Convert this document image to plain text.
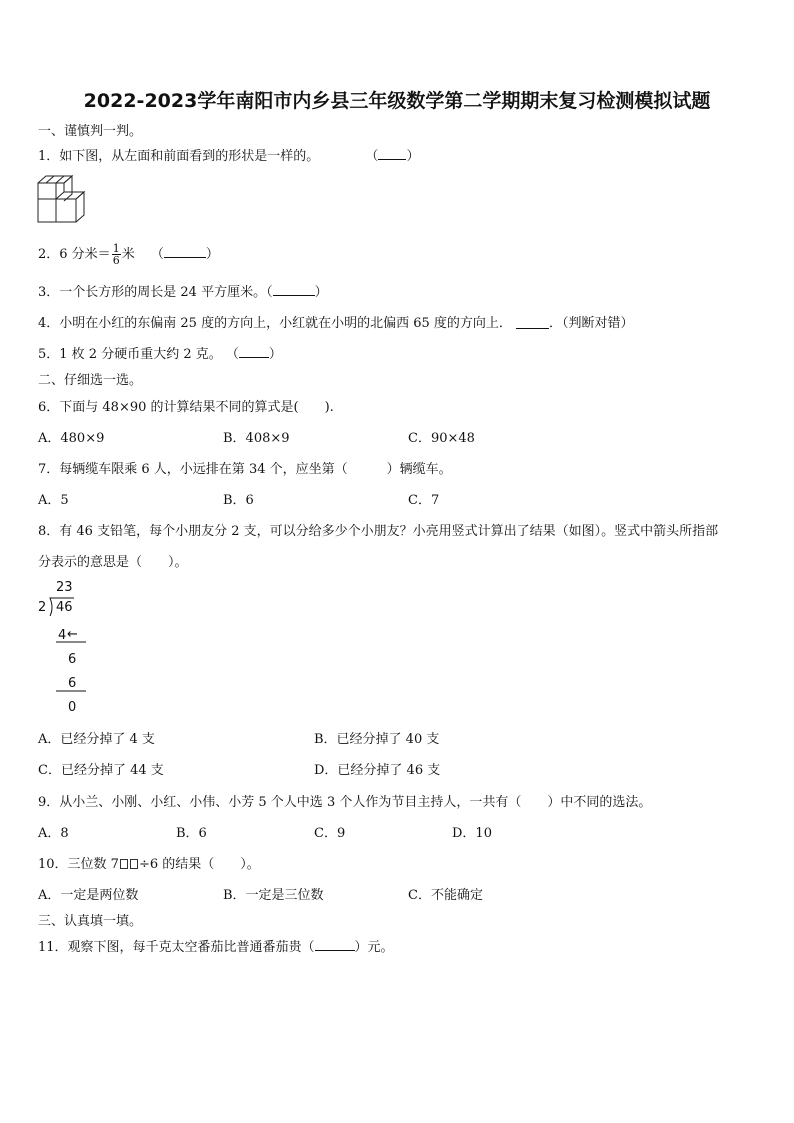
2022-2023学年南阳市内乡县三年级数学第二学期期末复习检测模拟试题
一、谨慎判一判。
1．如下图，从左面和前面看到的形状是一样的。	（ ）
2．6 分米＝ $\frac{1}{6}$ 米 （	）
3．一个长方形的周长是 24 平方厘米。（	）
4．小明在小红的东偏南 25 度的方向上，小红就在小明的北偏西 65 度的方向上．	．（判断对错）
5．1 枚 2 分硬币重大约 2 克。 （ ）
二、仔细选一选。
6．下面与 48×90 的计算结果不同的算式是(　　).
A．480×9	B．408×9	C．90×48
7．每辆缆车限乘 6 人，小远排在第 34 个，应坐第（　　　）辆缆车。
A．5	B．6	C．7
8．有 46 支铅笔，每个小朋友分 2 支，可以分给多少个小朋友？小亮用竖式计算出了结果（如图）。竖式中箭头所指部
分表示的意思是（　　）。
23
2 46
4 ←
6
6
0
A．已经分掉了 4 支	B．已经分掉了 40 支
C．已经分掉了 44 支	D．已经分掉了 46 支
9．从小兰、小刚、小红、小伟、小芳 5 个人中选 3 个人作为节目主持人，一共有（　　）中不同的选法。
A．8	B．6	C．9	D．10
10．三位数 7 ÷6 的结果（　　）。
A．一定是两位数	B．一定是三位数	C．不能确定
三、认真填一填。
11．观察下图，每千克太空番茄比普通番茄贵（	）元。
